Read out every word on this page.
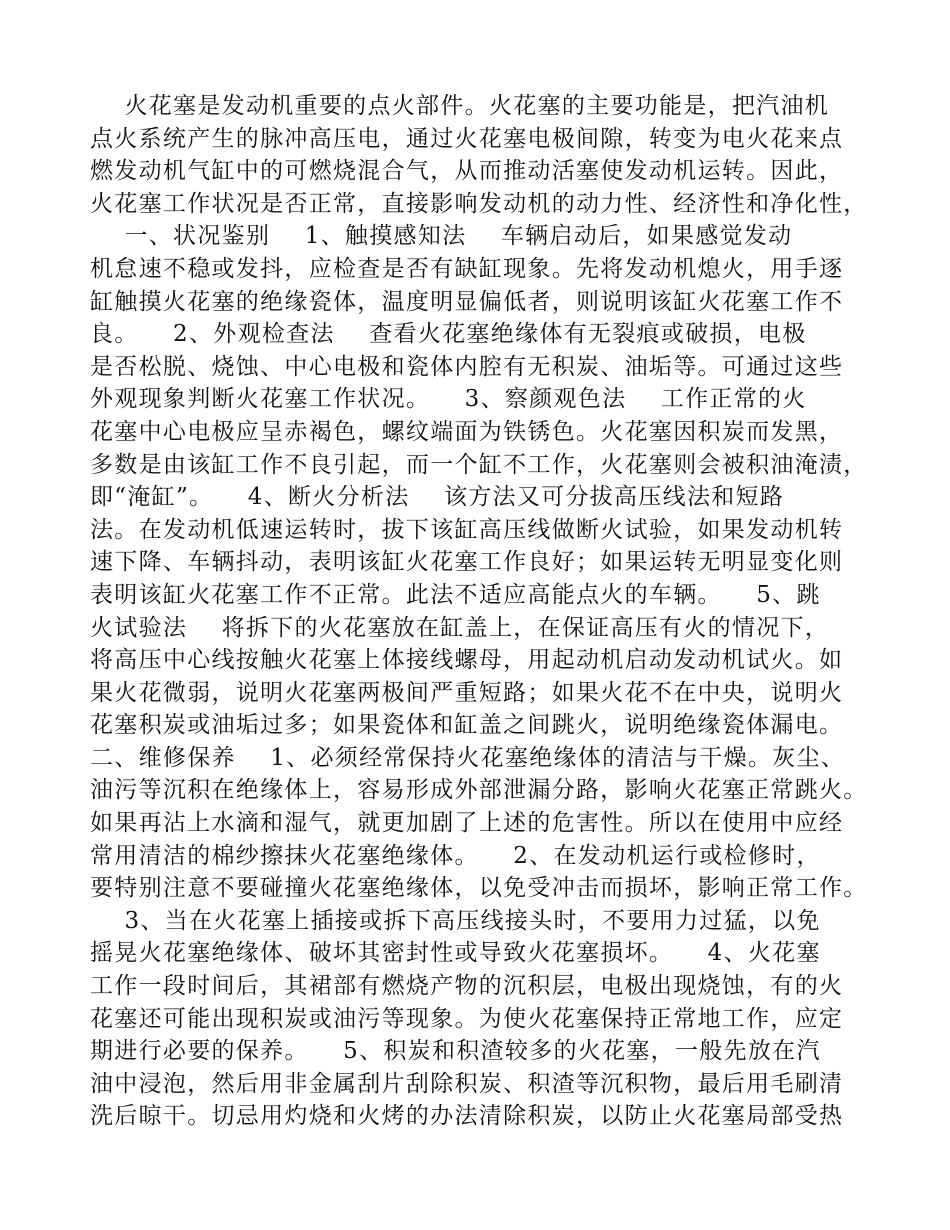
火花塞是发动机重要的点火部件。火花塞的主要功能是，把汽油机
点火系统产生的脉冲高压电，通过火花塞电极间隙，转变为电火花来点
燃发动机气缸中的可燃烧混合气，从而推动活塞使发动机运转。因此，
火花塞工作状况是否正常，直接影响发动机的动力性、经济性和净化性，
一、状况鉴别    1、触摸感知法    车辆启动后，如果感觉发动
机怠速不稳或发抖，应检查是否有缺缸现象。先将发动机熄火，用手逐
缸触摸火花塞的绝缘瓷体，温度明显偏低者，则说明该缸火花塞工作不
良。    2、外观检查法    查看火花塞绝缘体有无裂痕或破损，电极
是否松脱、烧蚀、中心电极和瓷体内腔有无积炭、油垢等。可通过这些
外观现象判断火花塞工作状况。    3、察颜观色法    工作正常的火
花塞中心电极应呈赤褐色，螺纹端面为铁锈色。火花塞因积炭而发黑，
多数是由该缸工作不良引起，而一个缸不工作，火花塞则会被积油淹渍，
即“淹缸”。    4、断火分析法    该方法又可分拔高压线法和短路
法。在发动机低速运转时，拔下该缸高压线做断火试验，如果发动机转
速下降、车辆抖动，表明该缸火花塞工作良好；如果运转无明显变化则
表明该缸火花塞工作不正常。此法不适应高能点火的车辆。    5、跳
火试验法    将拆下的火花塞放在缸盖上，在保证高压有火的情况下，
将高压中心线按触火花塞上体接线螺母，用起动机启动发动机试火。如
果火花微弱，说明火花塞两极间严重短路；如果火花不在中央，说明火
花塞积炭或油垢过多；如果瓷体和缸盖之间跳火，说明绝缘瓷体漏电。
二、维修保养    1、必须经常保持火花塞绝缘体的清洁与干燥。灰尘、
油污等沉积在绝缘体上，容易形成外部泄漏分路，影响火花塞正常跳火。
如果再沾上水滴和湿气，就更加剧了上述的危害性。所以在使用中应经
常用清洁的棉纱擦抹火花塞绝缘体。    2、在发动机运行或检修时，
要特别注意不要碰撞火花塞绝缘体，以免受冲击而损坏，影响正常工作。
3、当在火花塞上插接或拆下高压线接头时，不要用力过猛，以免
摇晃火花塞绝缘体、破坏其密封性或导致火花塞损坏。    4、火花塞
工作一段时间后，其裙部有燃烧产物的沉积层，电极出现烧蚀，有的火
花塞还可能出现积炭或油污等现象。为使火花塞保持正常地工作，应定
期进行必要的保养。    5、积炭和积渣较多的火花塞，一般先放在汽
油中浸泡，然后用非金属刮片刮除积炭、积渣等沉积物，最后用毛刷清
洗后晾干。切忌用灼烧和火烤的办法清除积炭，以防止火花塞局部受热
